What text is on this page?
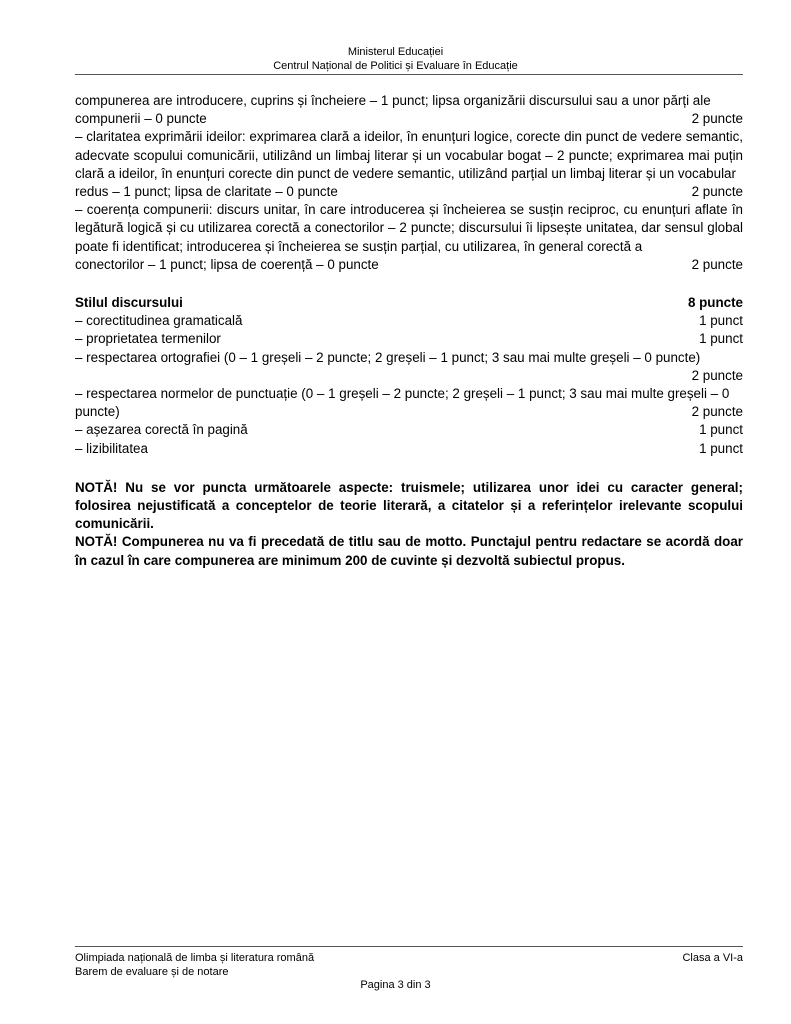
Ministerul Educației
Centrul Național de Politici și Evaluare în Educație

compunerea are introducere, cuprins și încheiere – 1 punct; lipsa organizării discursului sau a unor părți ale

compunerii – 0 puncte	2 puncte

– claritatea exprimării ideilor: exprimarea clară a ideilor, în enunțuri logice, corecte din punct de vedere semantic, adecvate scopului comunicării, utilizând un limbaj literar și un vocabular bogat – 2 puncte; exprimarea mai puțin clară a ideilor, în enunțuri corecte din punct de vedere semantic, utilizând parțial un limbaj literar și un vocabular

redus – 1 punct; lipsa de claritate – 0 puncte	2 puncte

– coerența compunerii: discurs unitar, în care introducerea și încheierea se susțin reciproc, cu enunțuri aflate în legătură logică și cu utilizarea corectă a conectorilor – 2 puncte; discursului îi lipsește unitatea, dar sensul global poate fi identificat; introducerea și încheierea se susțin parțial, cu utilizarea, în general corectă a

conectorilor – 1 punct; lipsa de coerență – 0 puncte	2 puncte
Stilul discursului	8 puncte
– corectitudinea gramaticală	1 punct
– proprietatea termenilor	1 punct

– respectarea ortografiei (0 – 1 greșeli – 2 puncte; 2 greșeli – 1 punct; 3 sau mai multe greșeli – 0 puncte)

2 puncte

– respectarea normelor de punctuație (0 – 1 greșeli – 2 puncte; 2 greșeli – 1 punct; 3 sau mai multe greșeli – 0

puncte)	2 puncte
– așezarea corectă în pagină	1 punct
– lizibilitatea	1 punct

NOTĂ! Nu se vor puncta următoarele aspecte: truismele; utilizarea unor idei cu caracter general; folosirea nejustificată a conceptelor de teorie literară, a citatelor și a referințelor irelevante scopului comunicării.

NOTĂ! Compunerea nu va fi precedată de titlu sau de motto. Punctajul pentru redactare se acordă doar în cazul în care compunerea are minimum 200 de cuvinte și dezvoltă subiectul propus.

Olimpiada națională de limba și literatura română	Clasa a VI-a
Barem de evaluare și de notare
Pagina 3 din 3
